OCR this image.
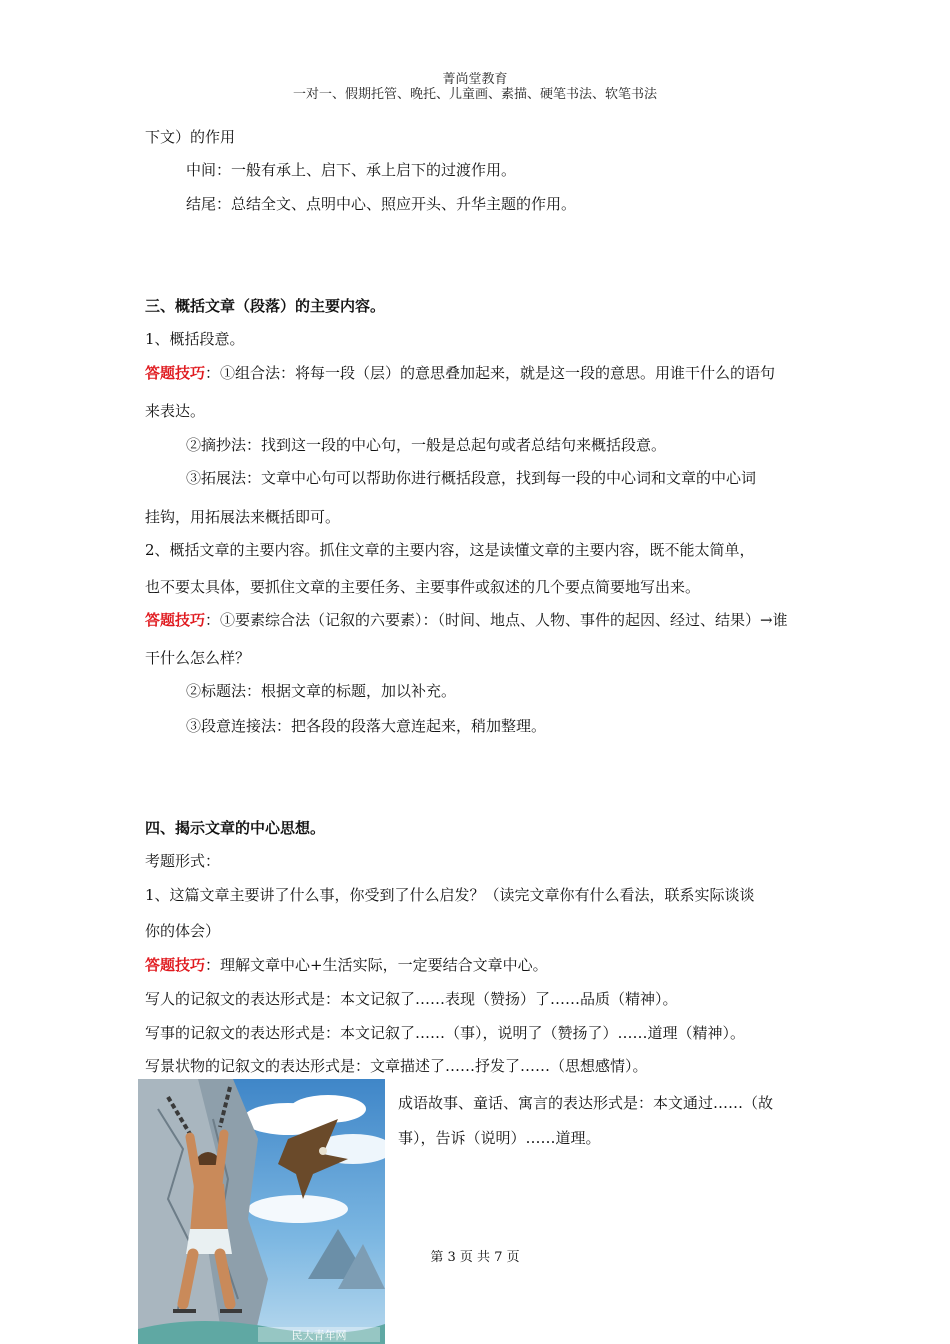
菁尚堂教育
一对一、假期托管、晚托、儿童画、素描、硬笔书法、软笔书法
下文）的作用
中间：一般有承上、启下、承上启下的过渡作用。
结尾：总结全文、点明中心、照应开头、升华主题的作用。
三、概括文章（段落）的主要内容。
1、概括段意。
答题技巧：①组合法：将每一段（层）的意思叠加起来，就是这一段的意思。用谁干什么的语句
来表达。
②摘抄法：找到这一段的中心句，一般是总起句或者总结句来概括段意。
③拓展法：文章中心句可以帮助你进行概括段意，找到每一段的中心词和文章的中心词
挂钩，用拓展法来概括即可。
2、概括文章的主要内容。抓住文章的主要内容，这是读懂文章的主要内容，既不能太简单，
也不要太具体，要抓住文章的主要任务、主要事件或叙述的几个要点简要地写出来。
答题技巧：①要素综合法（记叙的六要素）：（时间、地点、人物、事件的起因、经过、结果）→谁
干什么怎么样？
②标题法：根据文章的标题，加以补充。
③段意连接法：把各段的段落大意连起来，稍加整理。
四、揭示文章的中心思想。
考题形式：
1、这篇文章主要讲了什么事，你受到了什么启发？（读完文章你有什么看法，联系实际谈谈
你的体会）
答题技巧：理解文章中心+生活实际，一定要结合文章中心。
写人的记叙文的表达形式是：本文记叙了……表现（赞扬）了……品质（精神）。
写事的记叙文的表达形式是：本文记叙了……（事），说明了（赞扬了）……道理（精神）。
写景状物的记叙文的表达形式是：文章描述了……抒发了……（思想感情）。
成语故事、童话、寓言的表达形式是：本文通过……（故
事），告诉（说明）……道理。
民大青年网
第 3 页 共 7 页
